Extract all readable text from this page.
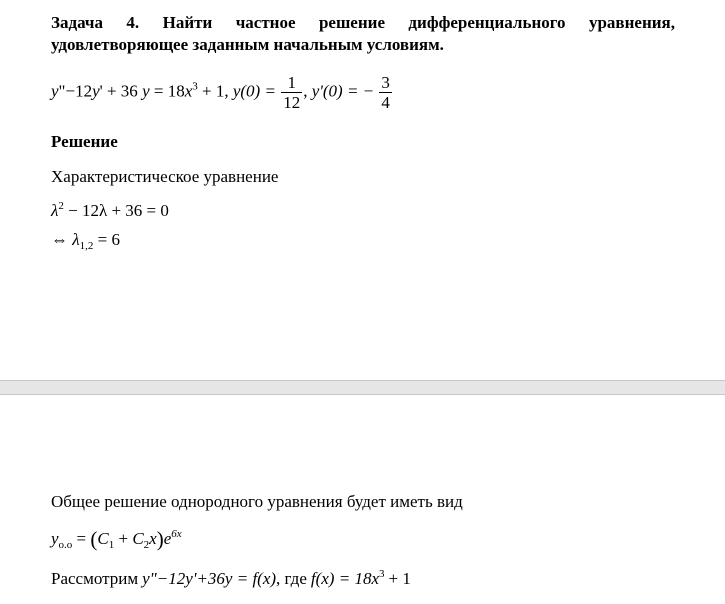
Задача 4. Найти частное решение дифференциального уравнения, удовлетворяющее заданным начальным условиям.
y"−12y' + 36 $y = 18x^3 + 1$, $y(0) = \frac{1}{12}$ , y'(0) = − $\frac{3}{4}$
Решение
Характеристическое уравнение
$\lambda^2 - 12\lambda + 36 = 0$
⇔ $\lambda_{1,2} = 6$
Общее решение однородного уравнения будет иметь вид
$y_{о.о} = (C_1 + C_2x)e^{6x}$
Рассмотрим y"−12y'+36y = f(x), где $f(x) = 18x^3 + 1$
